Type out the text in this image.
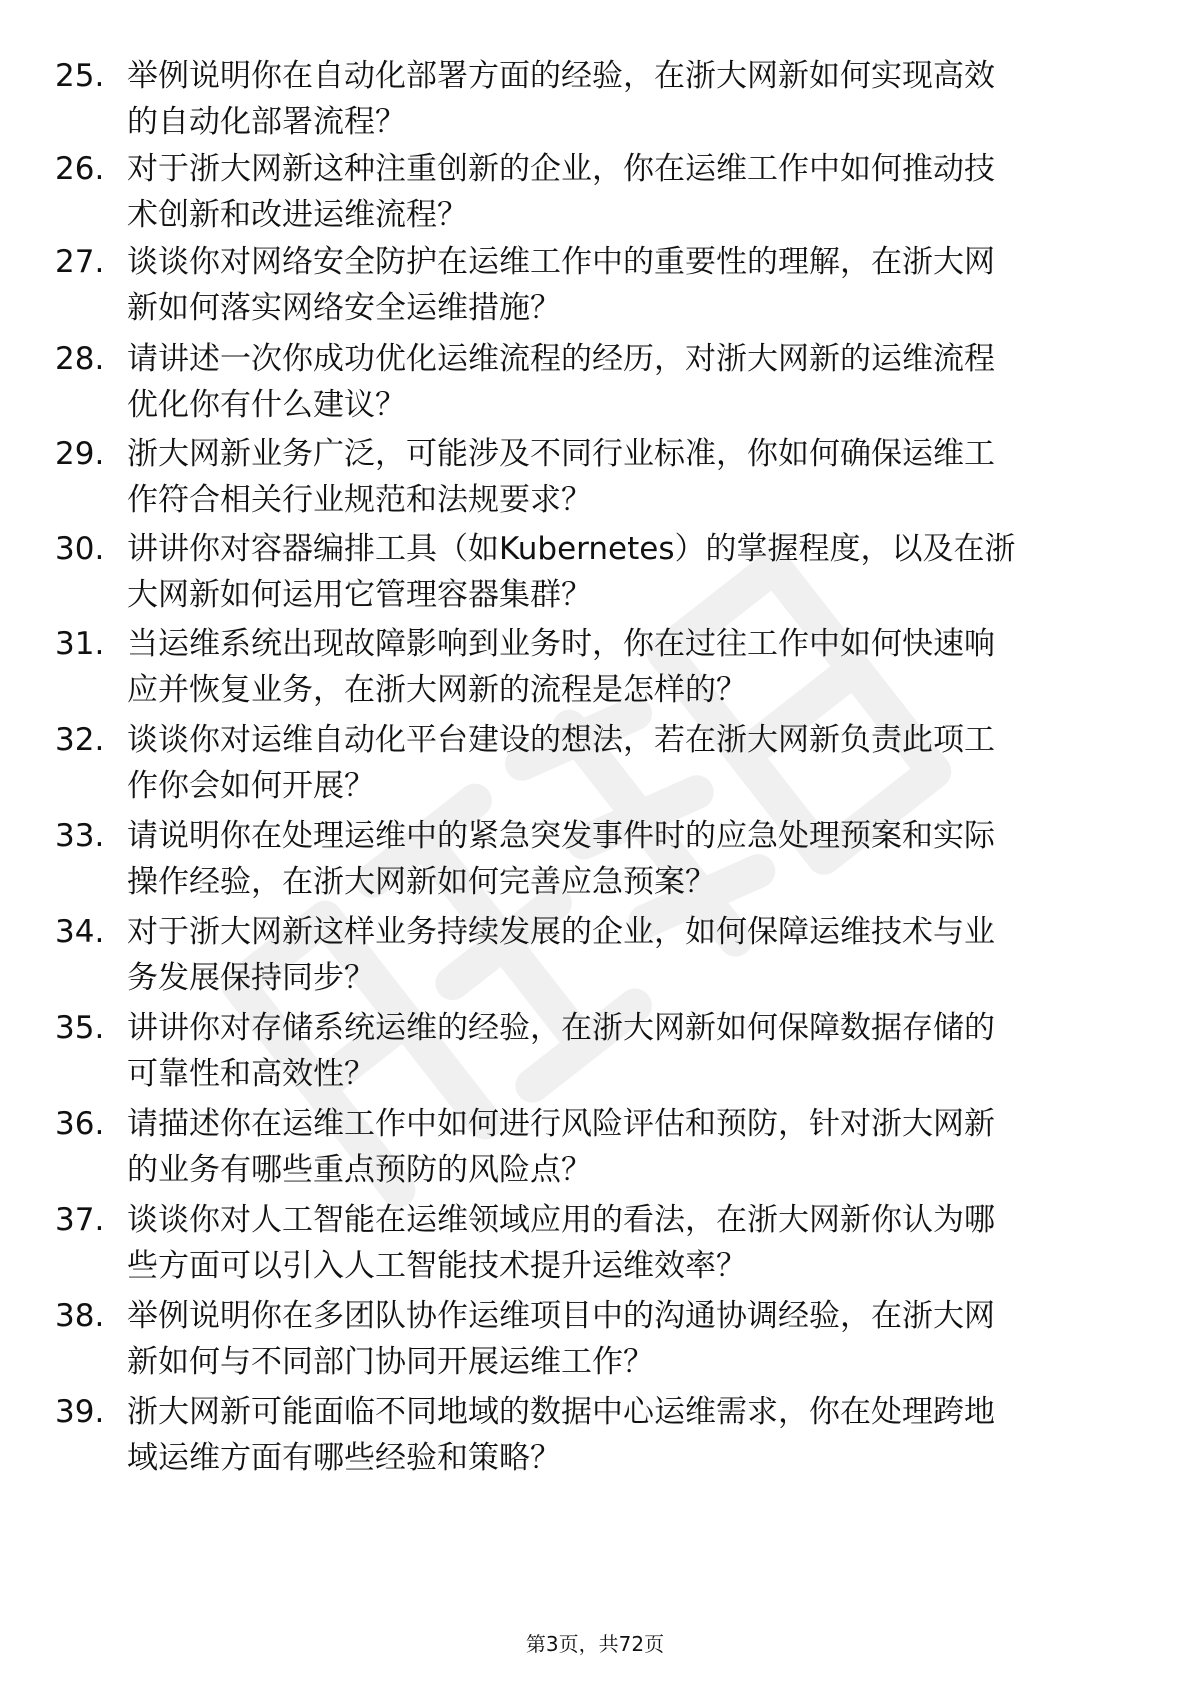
25. 举例说明你在自动化部署方面的经验，在浙大网新如何实现高效
的自动化部署流程？
26. 对于浙大网新这种注重创新的企业，你在运维工作中如何推动技
术创新和改进运维流程？
27. 谈谈你对网络安全防护在运维工作中的重要性的理解，在浙大网
新如何落实网络安全运维措施？
28. 请讲述一次你成功优化运维流程的经历，对浙大网新的运维流程
优化你有什么建议？
29. 浙大网新业务广泛，可能涉及不同行业标准，你如何确保运维工
作符合相关行业规范和法规要求？
30. 讲讲你对容器编排工具（如Kubernetes）的掌握程度，以及在浙
大网新如何运用它管理容器集群？
31. 当运维系统出现故障影响到业务时，你在过往工作中如何快速响
应并恢复业务，在浙大网新的流程是怎样的？
32. 谈谈你对运维自动化平台建设的想法，若在浙大网新负责此项工
作你会如何开展？
33. 请说明你在处理运维中的紧急突发事件时的应急处理预案和实际
操作经验，在浙大网新如何完善应急预案？
34. 对于浙大网新这样业务持续发展的企业，如何保障运维技术与业
务发展保持同步？
35. 讲讲你对存储系统运维的经验，在浙大网新如何保障数据存储的
可靠性和高效性？
36. 请描述你在运维工作中如何进行风险评估和预防，针对浙大网新
的业务有哪些重点预防的风险点？
37. 谈谈你对人工智能在运维领域应用的看法，在浙大网新你认为哪
些方面可以引入人工智能技术提升运维效率？
38. 举例说明你在多团队协作运维项目中的沟通协调经验，在浙大网
新如何与不同部门协同开展运维工作？
39. 浙大网新可能面临不同地域的数据中心运维需求，你在处理跨地
域运维方面有哪些经验和策略？
第3页，共72页
